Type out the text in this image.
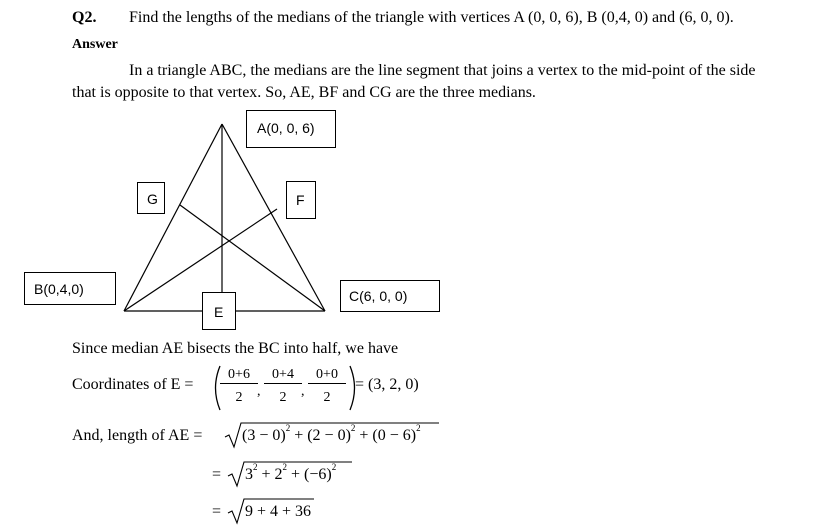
Q2. Find the lengths of the medians of the triangle with vertices A (0, 0, 6), B (0,4, 0) and (6, 0, 0).
Answer
In a triangle ABC, the medians are the line segment that joins a vertex to the mid-point of the side
that is opposite to that vertex. So, AE, BF and CG are the three medians.
A(0, 0, 6)
G	F
B(0,4,0)
E
C(6, 0, 0)
Since median AE bisects the BC into half, we have
Coordinates of E =
0+6
2	,
0+4
2	,
0+0
2
= (3, 2, 0)
And, length of AE = $(3 - 0)^2 + (2 - 0)^2 + (0 - 6)^2$
= $3^2 + 2^2 + (-6)^2$
= 9 + 4 + 36
